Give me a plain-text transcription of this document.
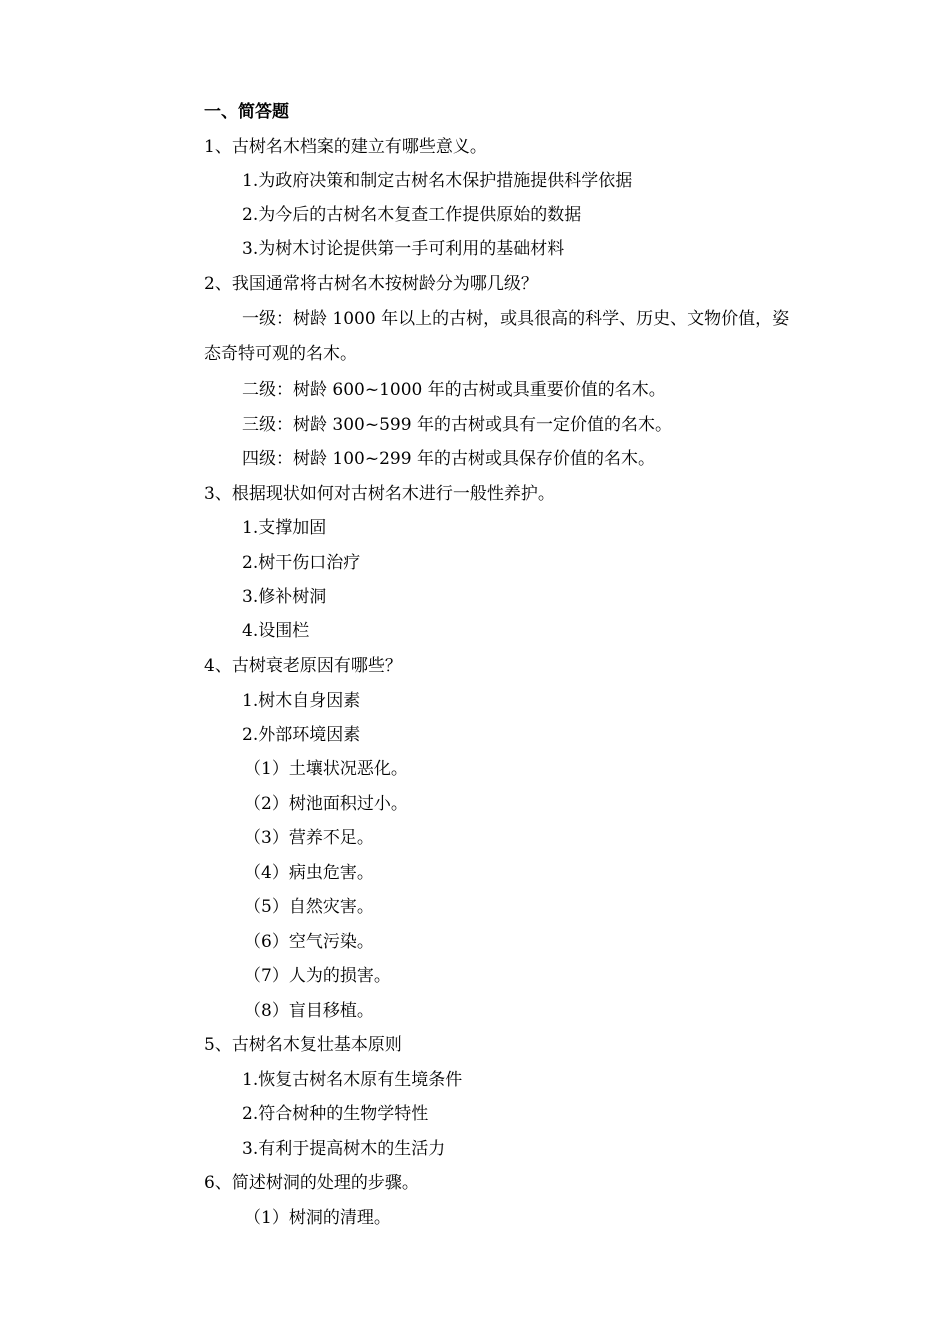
一、简答题
1、古树名木档案的建立有哪些意义。
1.为政府决策和制定古树名木保护措施提供科学依据
2.为今后的古树名木复查工作提供原始的数据
3.为树木讨论提供第一手可利用的基础材料
2、我国通常将古树名木按树龄分为哪几级？
一级：树龄 1000 年以上的古树，或具很高的科学、历史、文物价值，姿
态奇特可观的名木。
二级：树龄 600~1000 年的古树或具重要价值的名木。
三级：树龄 300~599 年的古树或具有一定价值的名木。
四级：树龄 100~299 年的古树或具保存价值的名木。
3、根据现状如何对古树名木进行一般性养护。
1.支撑加固
2.树干伤口治疗
3.修补树洞
4.设围栏
4、古树衰老原因有哪些？
1.树木自身因素
2.外部环境因素
（1）土壤状况恶化。
（2）树池面积过小。
（3）营养不足。
（4）病虫危害。
（5）自然灾害。
（6）空气污染。
（7）人为的损害。
（8）盲目移植。
5、古树名木复壮基本原则
1.恢复古树名木原有生境条件
2.符合树种的生物学特性
3.有利于提高树木的生活力
6、简述树洞的处理的步骤。
（1）树洞的清理。
